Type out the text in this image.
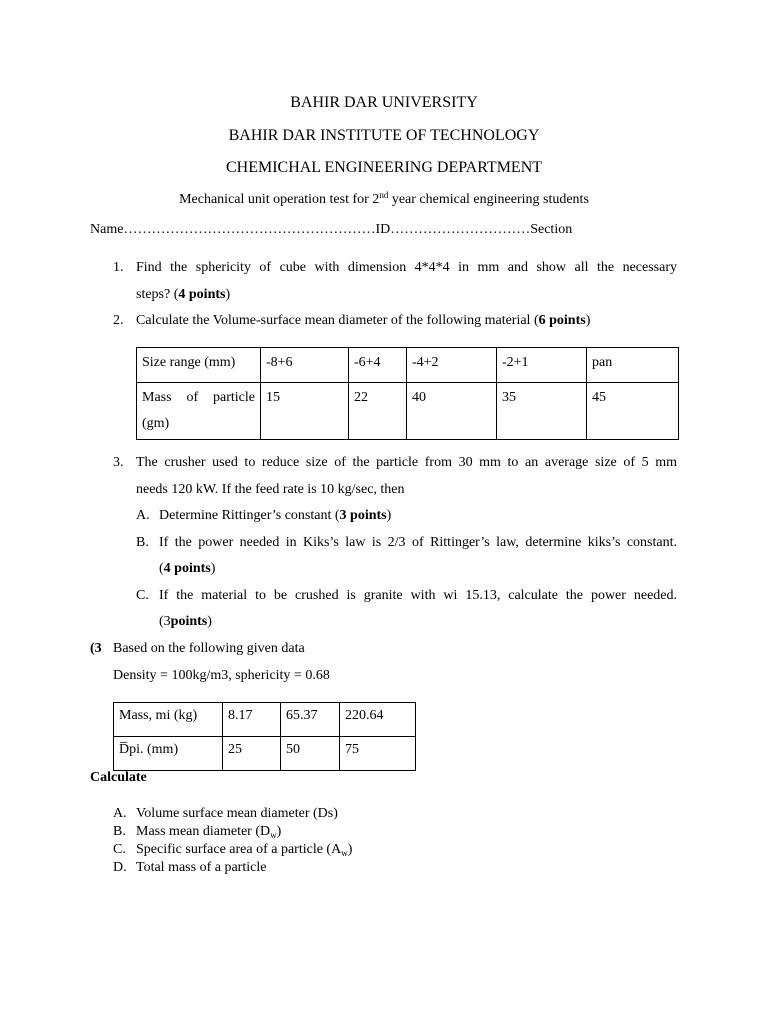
BAHIR DAR UNIVERSITY
BAHIR DAR INSTITUTE OF TECHNOLOGY
CHEMICHAL ENGINEERING DEPARTMENT
Mechanical unit operation test for 2nd year chemical engineering students
Name………………………………………………ID…………………………Section
1. Find the sphericity of cube with dimension 4*4*4 in mm and show all the necessary
steps? (4 points)
2. Calculate the Volume-surface mean diameter of the following material (6 points)
Size range (mm)	-8+6	-6+4	-4+2	-2+1	pan
Mass of particle (gm)	15	22	40	35	45
3. The crusher used to reduce size of the particle from 30 mm to an average size of 5 mm
needs 120 kW. If the feed rate is 10 kg/sec, then
A. Determine Rittinger’s constant (3 points)
B. If the power needed in Kiks’s law is 2/3 of Rittinger’s law, determine kiks’s constant.
(4 points)
C. If the material to be crushed is granite with wi 15.13, calculate the power needed.
(3points)
(3 Based on the following given data
Density = 100kg/m3, sphericity = 0.68
Mass, mi (kg)	8.17	65.37	220.64
D̅pi. (mm)	25	50	75
Calculate
A. Volume surface mean diameter (Ds)
B. Mass mean diameter $(D_w)$
C. Specific surface area of a particle $(A_w)$
D. Total mass of a particle
